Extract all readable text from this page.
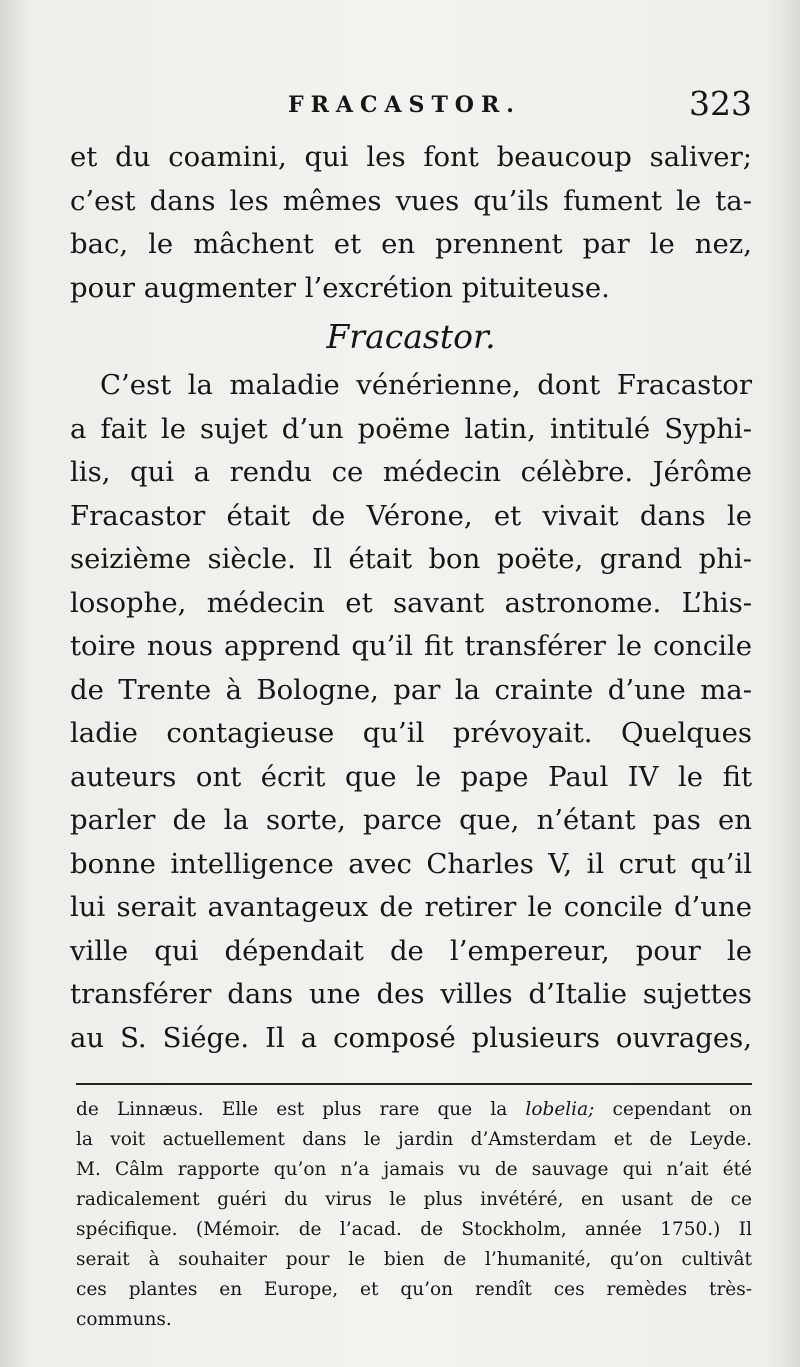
FRACASTOR.	323
et du coamini, qui les font beaucoup saliver;
c’est dans les mêmes vues qu’ils fument le ta-
bac, le mâchent et en prennent par le nez,
pour augmenter l’excrétion pituiteuse.
Fracastor.
C’est la maladie vénérienne, dont Fracastor
a fait le sujet d’un poëme latin, intitulé Syphi-
lis, qui a rendu ce médecin célèbre. Jérôme
Fracastor était de Vérone, et vivait dans le
seizième siècle. Il était bon poëte, grand phi-
losophe, médecin et savant astronome. L’his-
toire nous apprend qu’il fit transférer le concile
de Trente à Bologne, par la crainte d’une ma-
ladie contagieuse qu’il prévoyait. Quelques
auteurs ont écrit que le pape Paul IV le fit
parler de la sorte, parce que, n’étant pas en
bonne intelligence avec Charles V, il crut qu’il
lui serait avantageux de retirer le concile d’une
ville qui dépendait de l’empereur, pour le
transférer dans une des villes d’Italie sujettes
au S. Siége. Il a composé plusieurs ouvrages,
de Linnæus. Elle est plus rare que la lobelia; cependant on
la voit actuellement dans le jardin d’Amsterdam et de Leyde.
M. Câlm rapporte qu’on n’a jamais vu de sauvage qui n’ait été
radicalement guéri du virus le plus invétéré, en usant de ce
spécifique. (Mémoir. de l’acad. de Stockholm, année 1750.) Il
serait à souhaiter pour le bien de l’humanité, qu’on cultivât
ces plantes en Europe, et qu’on rendît ces remèdes très-
communs.
